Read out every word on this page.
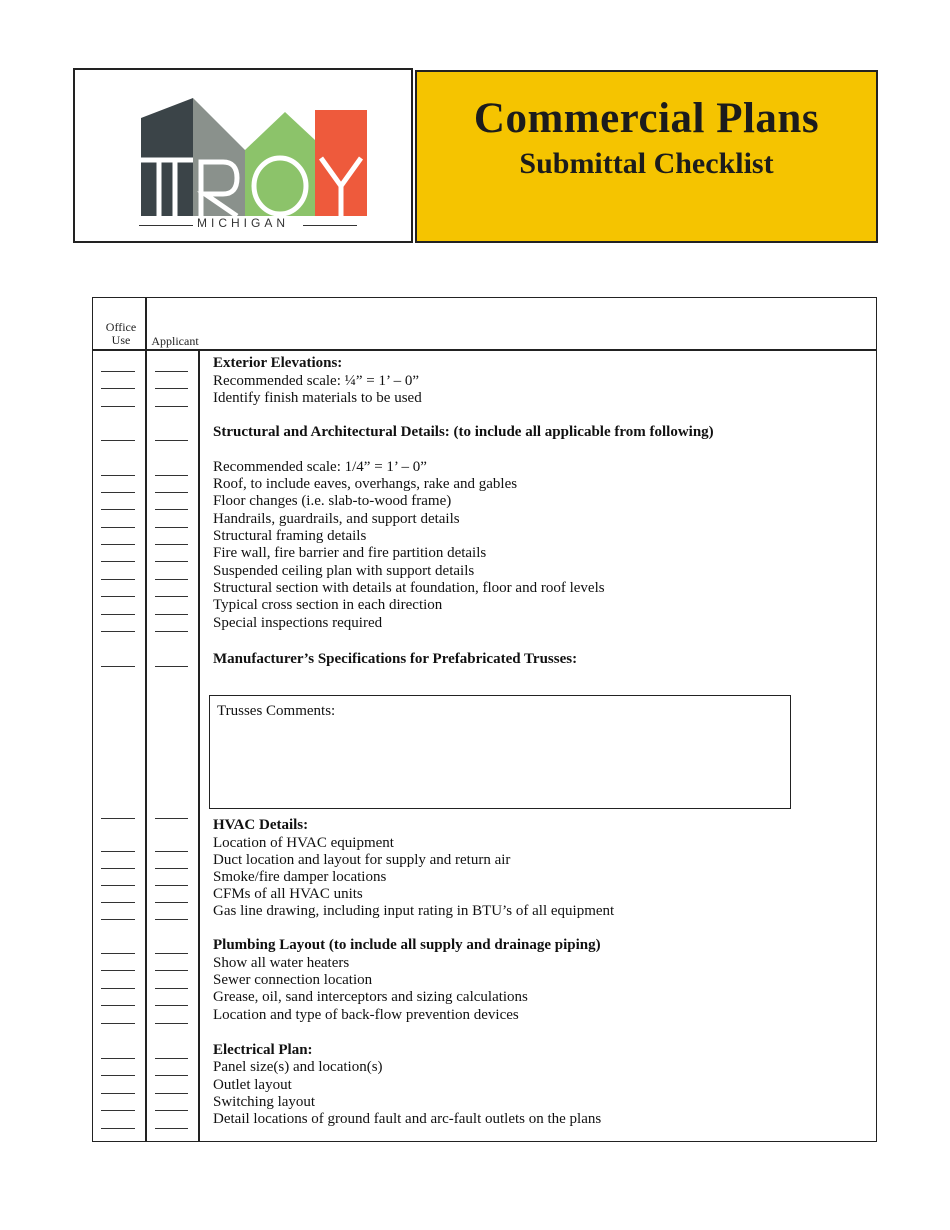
MICHIGAN
Commercial Plans
Submittal Checklist
Office Use	Applicant
Exterior Elevations:
Recommended scale: ¼” = 1’ – 0”
Identify finish materials to be used
Structural and Architectural Details: (to include all applicable from following)
Recommended scale: 1/4” = 1’ – 0”
Roof, to include eaves, overhangs, rake and gables
Floor changes (i.e. slab-to-wood frame)
Handrails, guardrails, and support details
Structural framing details
Fire wall, fire barrier and fire partition details
Suspended ceiling plan with support details
Structural section with details at foundation, floor and roof levels
Typical cross section in each direction
Special inspections required
Manufacturer’s Specifications for Prefabricated Trusses:
Trusses Comments:
HVAC Details:
Location of HVAC equipment
Duct location and layout for supply and return air
Smoke/fire damper locations
CFMs of all HVAC units
Gas line drawing, including input rating in BTU’s of all equipment
Plumbing Layout (to include all supply and drainage piping)
Show all water heaters
Sewer connection location
Grease, oil, sand interceptors and sizing calculations
Location and type of back-flow prevention devices
Electrical Plan:
Panel size(s) and location(s)
Outlet layout
Switching layout
Detail locations of ground fault and arc-fault outlets on the plans
